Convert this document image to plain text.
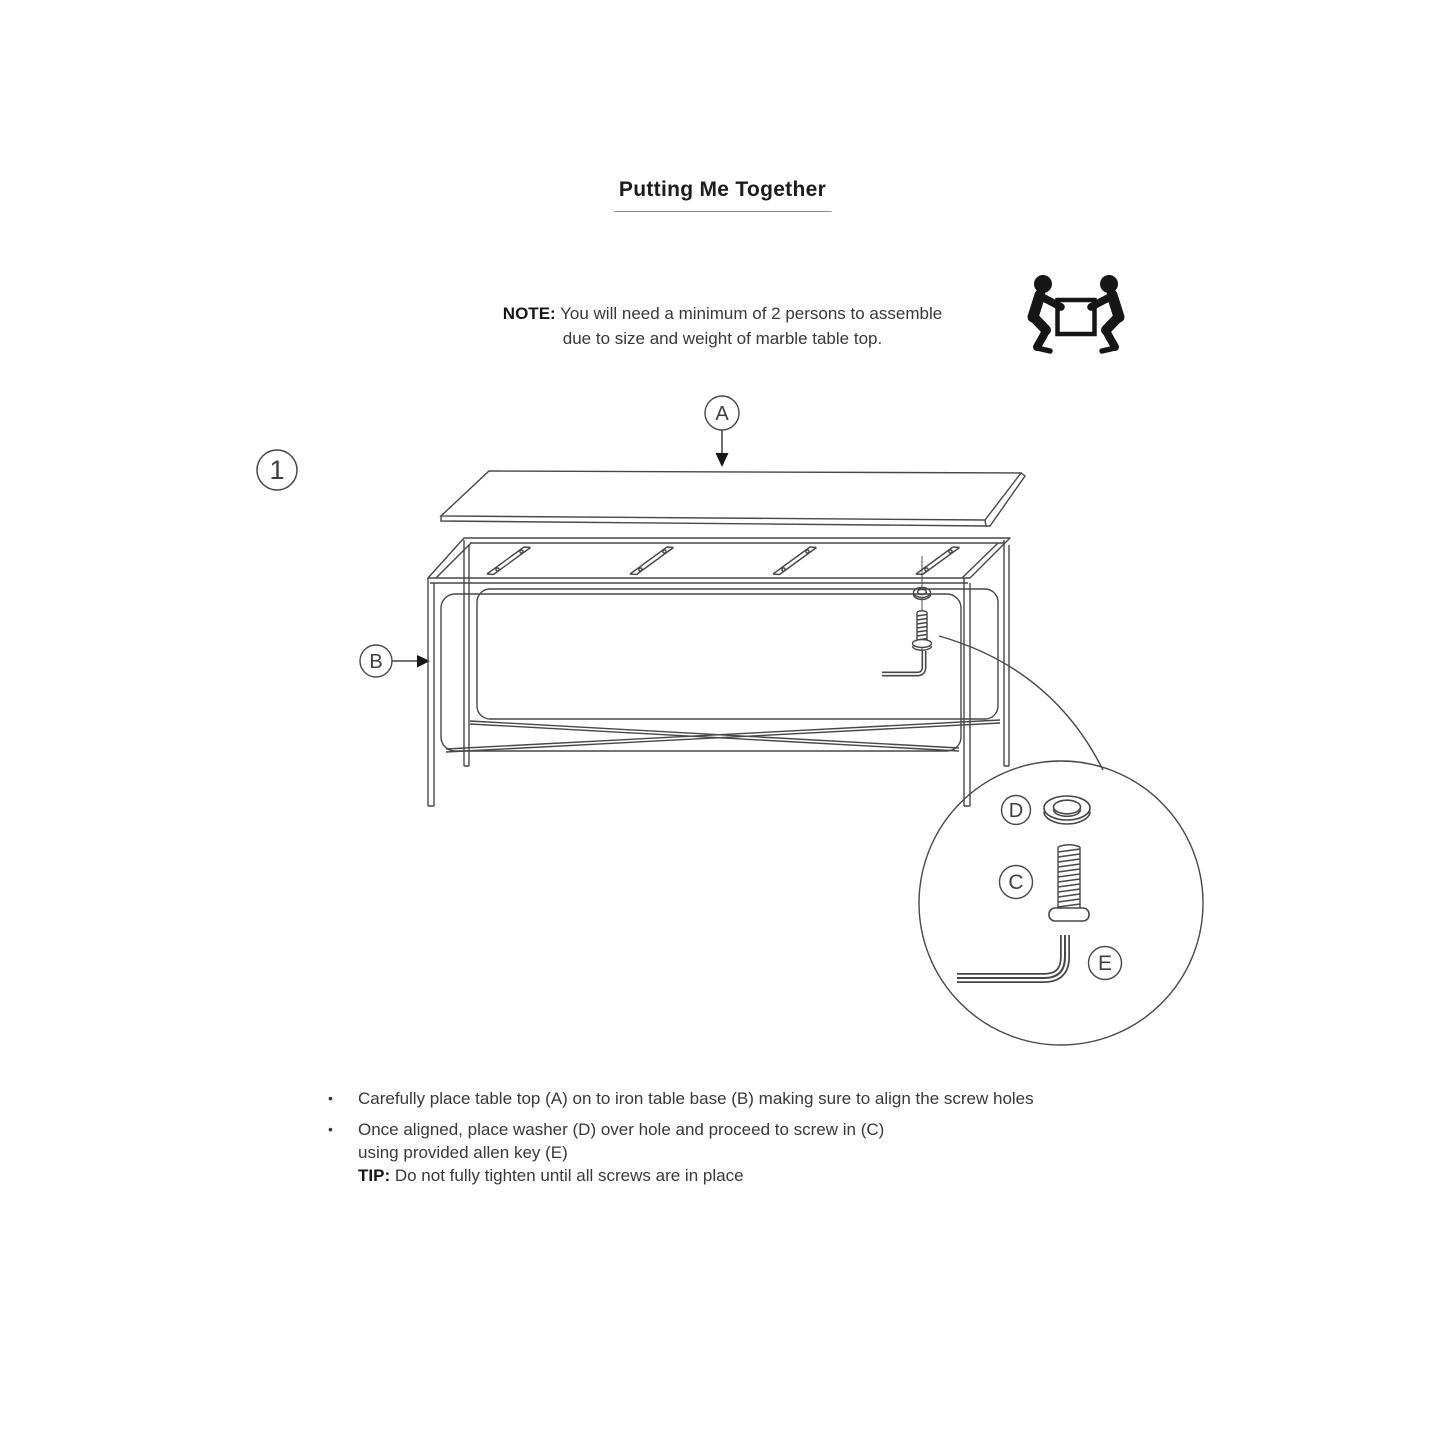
Putting Me Together
NOTE: You will need a minimum of 2 persons to assemble
due to size and weight of marble table top.
1
A
B
D
C
E
•	Carefully place table top (A) on to iron table base (B) making sure to align the screw holes
•	Once aligned, place washer (D) over hole and proceed to screw in (C)
using provided allen key (E)
TIP: Do not fully tighten until all screws are in place
